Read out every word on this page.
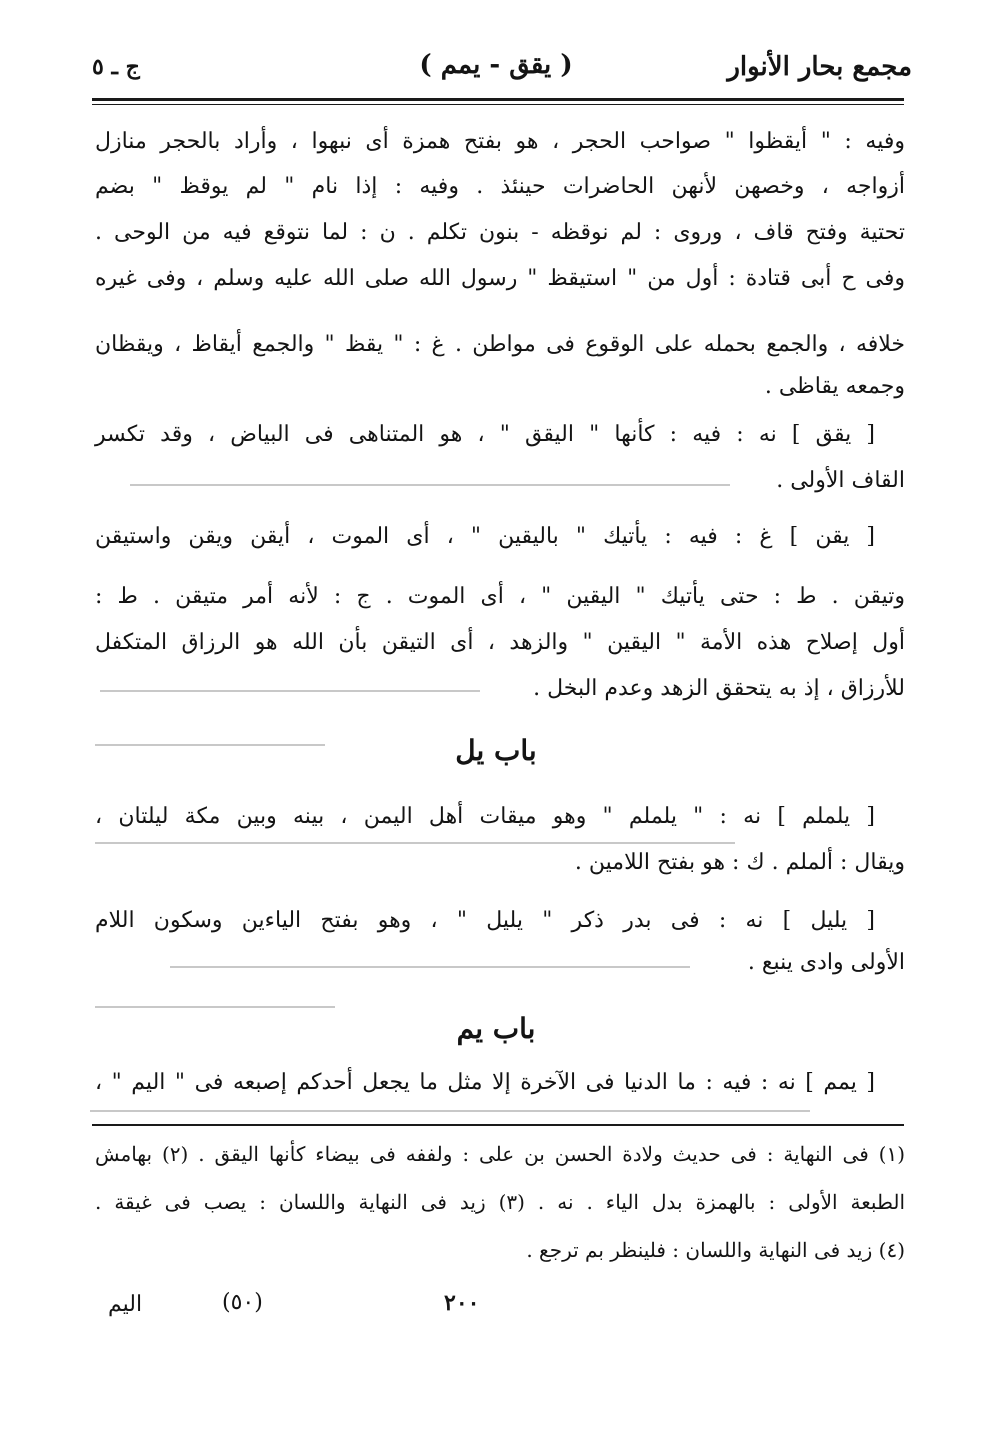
مجمع بحار الأنوار
( يقق - يمم )
ج ـ ٥
وفيه : " أيقظوا " صواحب الحجر ، هو بفتح همزة أى نبهوا ، وأراد بالحجر منازل
أزواجه ، وخصهن لأنهن الحاضرات حينئذ . وفيه : إذا نام " لم يوقظ " بضم
تحتية وفتح قاف ، وروى : لم نوقظه - بنون تكلم . ن : لما نتوقع فيه من الوحى .
وفى ح أبى قتادة : أول من " استيقظ " رسول الله صلى الله عليه وسلم ، وفى غيره
خلافه ، والجمع بحمله على الوقوع فى مواطن . غ : " يقظ " والجمع أيقاظ ، ويقظان
وجمعه يقاظى .
[ يقق ] نه : فيه : كأنها " اليقق " ، هو المتناهى فى البياض ، وقد تكسر
القاف الأولى .
[ يقن ] غ : فيه : يأتيك " باليقين " ، أى الموت ، أيقن ويقن واستيقن
وتيقن . ط : حتى يأتيك " اليقين " ، أى الموت . ج : لأنه أمر متيقن . ط :
أول إصلاح هذه الأمة " اليقين " والزهد ، أى التيقن بأن الله هو الرزاق المتكفل
للأرزاق ، إذ به يتحقق الزهد وعدم البخل .
باب يل
[ يلملم ] نه : " يلملم " وهو ميقات أهل اليمن ، بينه وبين مكة ليلتان ،
ويقال : ألملم . ك : هو بفتح اللامين .
[ يليل ] نه : فى بدر ذكر " يليل " ، وهو بفتح الياءين وسكون اللام
الأولى وادى ينبع .
باب يم
[ يمم ] نه : فيه : ما الدنيا فى الآخرة إلا مثل ما يجعل أحدكم إصبعه فى " اليم " ،
(١) فى النهاية : فى حديث ولادة الحسن بن على : ولففه فى بيضاء كأنها اليقق . (٢) بهامش
الطبعة الأولى : بالهمزة بدل الياء . نه . (٣) زيد فى النهاية واللسان : يصب فى غيقة .
(٤) زيد فى النهاية واللسان : فلينظر بم ترجع .
٢٠٠
(٥٠)
اليم
